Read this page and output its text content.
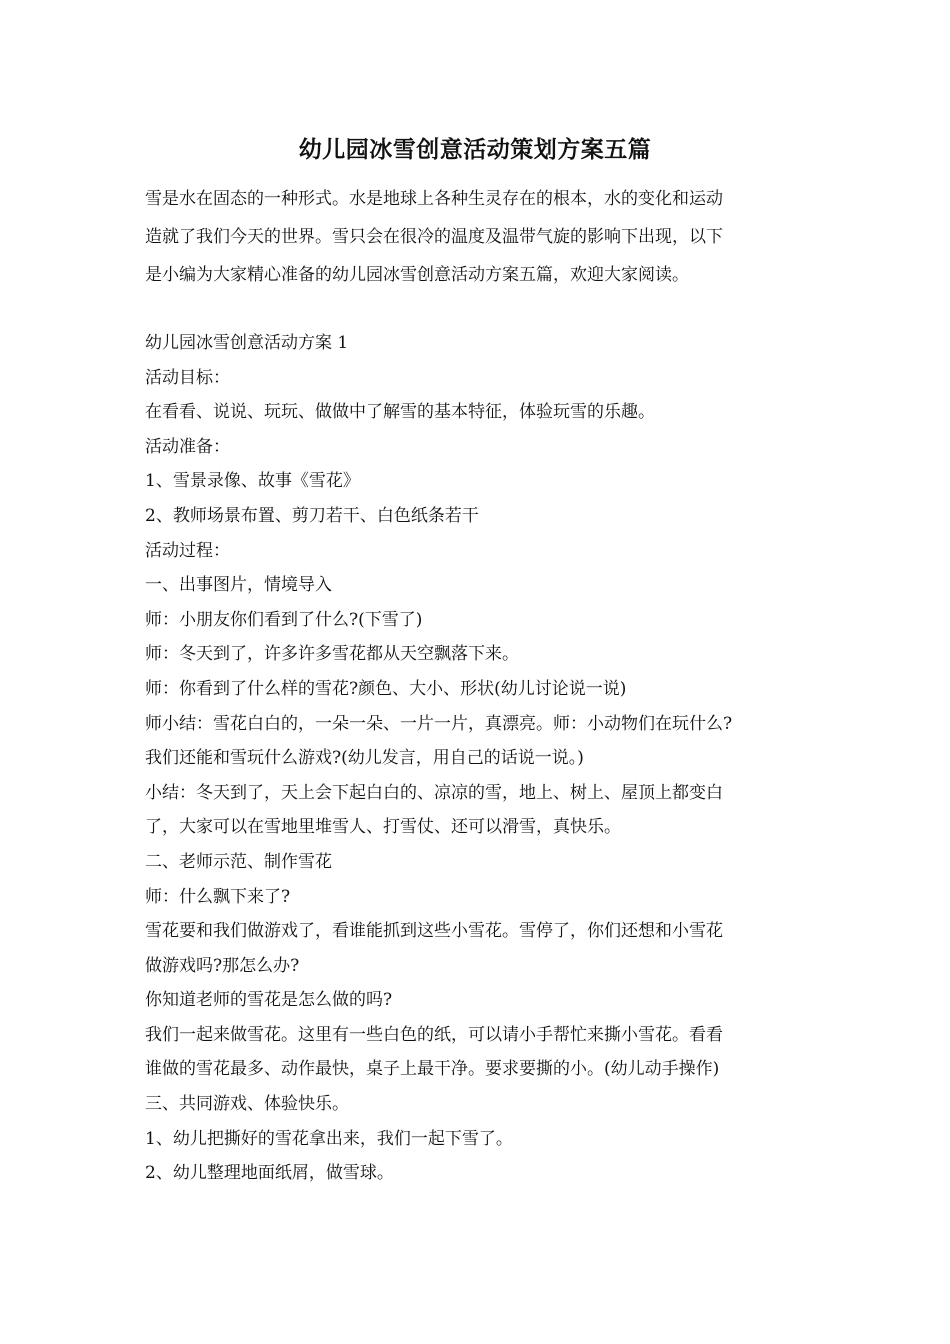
幼儿园冰雪创意活动策划方案五篇
雪是水在固态的一种形式。水是地球上各种生灵存在的根本，水的变化和运动
造就了我们今天的世界。雪只会在很冷的温度及温带气旋的影响下出现，以下
是小编为大家精心准备的幼儿园冰雪创意活动方案五篇，欢迎大家阅读。
幼儿园冰雪创意活动方案 1
活动目标：
在看看、说说、玩玩、做做中了解雪的基本特征，体验玩雪的乐趣。
活动准备：
1、雪景录像、故事《雪花》
2、教师场景布置、剪刀若干、白色纸条若干
活动过程：
一、出事图片，情境导入
师：小朋友你们看到了什么?(下雪了)
师：冬天到了，许多许多雪花都从天空飘落下来。
师：你看到了什么样的雪花?颜色、大小、形状(幼儿讨论说一说)
师小结：雪花白白的，一朵一朵、一片一片，真漂亮。师：小动物们在玩什么?
我们还能和雪玩什么游戏?(幼儿发言，用自己的话说一说。)
小结：冬天到了，天上会下起白白的、凉凉的雪，地上、树上、屋顶上都变白
了，大家可以在雪地里堆雪人、打雪仗、还可以滑雪，真快乐。
二、老师示范、制作雪花
师：什么飘下来了?
雪花要和我们做游戏了，看谁能抓到这些小雪花。雪停了，你们还想和小雪花
做游戏吗?那怎么办?
你知道老师的雪花是怎么做的吗?
我们一起来做雪花。这里有一些白色的纸，可以请小手帮忙来撕小雪花。看看
谁做的雪花最多、动作最快，桌子上最干净。要求要撕的小。(幼儿动手操作)
三、共同游戏、体验快乐。
1、幼儿把撕好的雪花拿出来，我们一起下雪了。
2、幼儿整理地面纸屑，做雪球。
